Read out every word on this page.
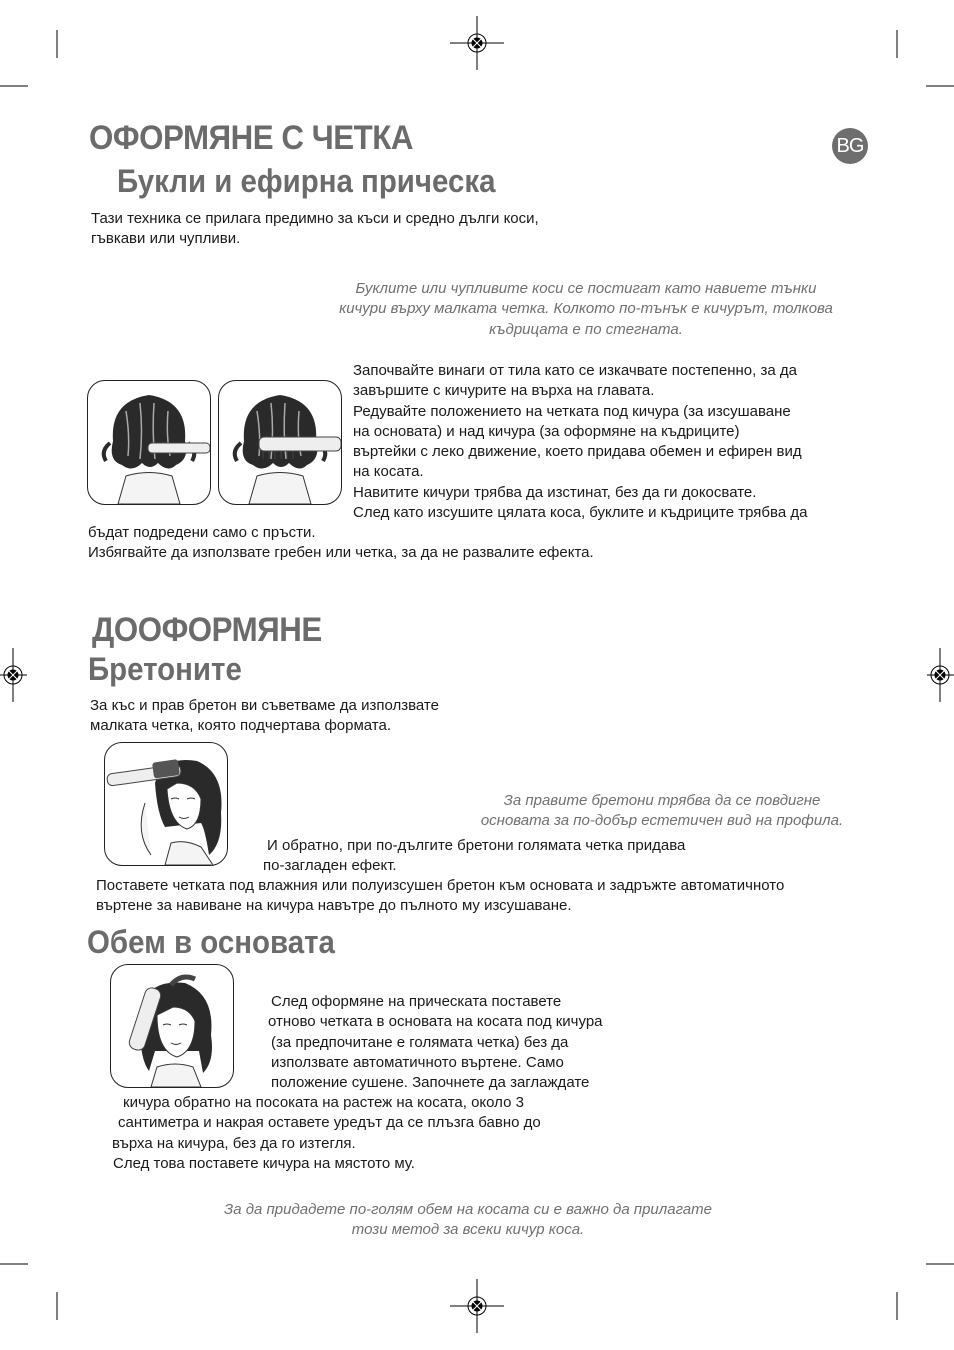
BG
ОФОРМЯНЕ С ЧЕТКА
Букли и ефирна прическа
Тази техника се прилага предимно за къси и средно дълги коси,
гъвкави или чупливи.
Буклите или чупливите коси се постигат като навиете тънки
кичури върху малката четка. Колкото по-тънък е кичурът, толкова
къдрицата е по стегната.
Започвайте винаги от тила като се изкачвате постепенно, за да
завършите с кичурите на върха на главата.
Редувайте положението на четката под кичура (за изсушаване
на основата) и над кичура (за оформяне на къдриците)
въртейки с леко движение, което придава обемен и ефирен вид
на косата.
Навитите кичури трябва да изстинат, без да ги докосвате.
След като изсушите цялата коса, буклите и къдриците трябва да
бъдат подредени само с пръсти.
Избягвайте да използвате гребен или четка, за да не развалите ефекта.
ДООФОРМЯНЕ
Бретоните
За къс и прав бретон ви съветваме да използвате
малката четка, която подчертава формата.
За правите бретони трябва да се повдигне
основата за по-добър естетичен вид на профила.
И обратно, при по-дългите бретони голямата четка придава
по-загладен ефект.
Поставете четката под влажния или полуизсушен бретон към основата и задръжте автоматичното
въртене за навиване на кичура навътре до пълното му изсушаване.
Обем в основата
След оформяне на прическата поставете
отново четката в основата на косата под кичура
(за предпочитане е голямата четка) без да
използвате автоматичното въртене. Само
положение сушене. Започнете да заглаждате
кичура обратно на посоката на растеж на косата, около 3
сантиметра и накрая оставете уредът да се плъзга бавно до
върха на кичура, без да го изтегля.
След това поставете кичура на мястото му.
За да придадете по-голям обем на косата си е важно да прилагате
този метод за всеки кичур коса.
